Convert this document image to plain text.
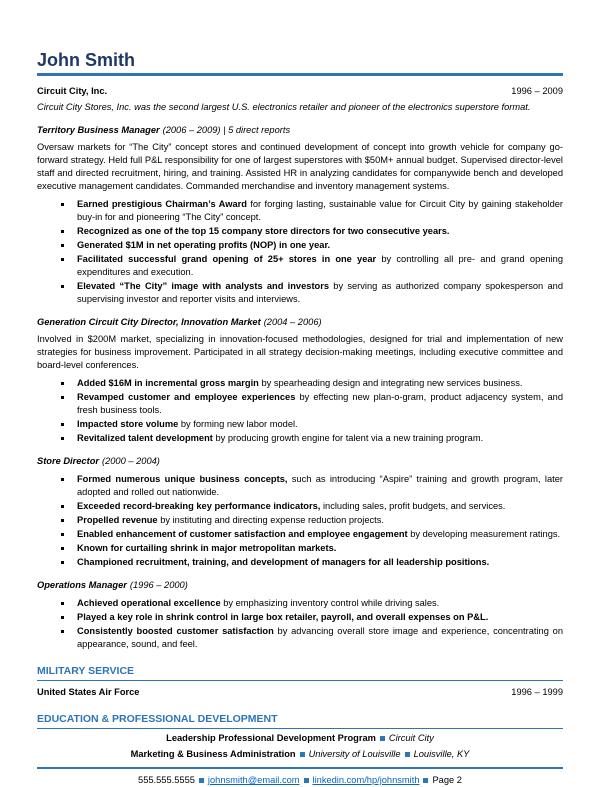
John Smith
Circuit City, Inc.	1996 – 2009

Circuit City Stores, Inc. was the second largest U.S. electronics retailer and pioneer of the electronics superstore format.

Territory Business Manager (2006 – 2009) | 5 direct reports

Oversaw markets for “The City” concept stores and continued development of concept into growth vehicle for company go-forward strategy. Held full P&L responsibility for one of largest superstores with $50M+ annual budget. Supervised director-level staff and directed recruitment, hiring, and training. Assisted HR in analyzing candidates for companywide bench and developed executive management candidates. Commanded merchandise and inventory management systems.

Earned prestigious Chairman’s Award for forging lasting, sustainable value for Circuit City by gaining stakeholder buy-in for and pioneering “The City” concept.
Recognized as one of the top 15 company store directors for two consecutive years.
Generated $1M in net operating profits (NOP) in one year.
Facilitated successful grand opening of 25+ stores in one year by controlling all pre- and grand opening expenditures and execution.
Elevated “The City” image with analysts and investors by serving as authorized company spokesperson and supervising investor and reporter visits and interviews.

Generation Circuit City Director, Innovation Market (2004 – 2006)

Involved in $200M market, specializing in innovation-focused methodologies, designed for trial and implementation of new strategies for business improvement. Participated in all strategy decision-making meetings, including executive committee and board-level conferences.

Added $16M in incremental gross margin by spearheading design and integrating new services business.
Revamped customer and employee experiences by effecting new plan-o-gram, product adjacency system, and fresh business tools.
Impacted store volume by forming new labor model.
Revitalized talent development by producing growth engine for talent via a new training program.

Store Director (2000 – 2004)

Formed numerous unique business concepts, such as introducing “Aspire” training and growth program, later adopted and rolled out nationwide.
Exceeded record-breaking key performance indicators, including sales, profit budgets, and services.
Propelled revenue by instituting and directing expense reduction projects.
Enabled enhancement of customer satisfaction and employee engagement by developing measurement ratings.
Known for curtailing shrink in major metropolitan markets.
Championed recruitment, training, and development of managers for all leadership positions.

Operations Manager (1996 – 2000)

Achieved operational excellence by emphasizing inventory control while driving sales.
Played a key role in shrink control in large box retailer, payroll, and overall expenses on P&L.
Consistently boosted customer satisfaction by advancing overall store image and experience, concentrating on appearance, sound, and feel.
MILITARY SERVICE
United States Air Force	1996 – 1999
EDUCATION & PROFESSIONAL DEVELOPMENT
Leadership Professional Development Program Circuit City
Marketing & Business Administration University of Louisville Louisville, KY
555.555.5555 johnsmith@email.com linkedin.com/hp/johnsmith Page 2
